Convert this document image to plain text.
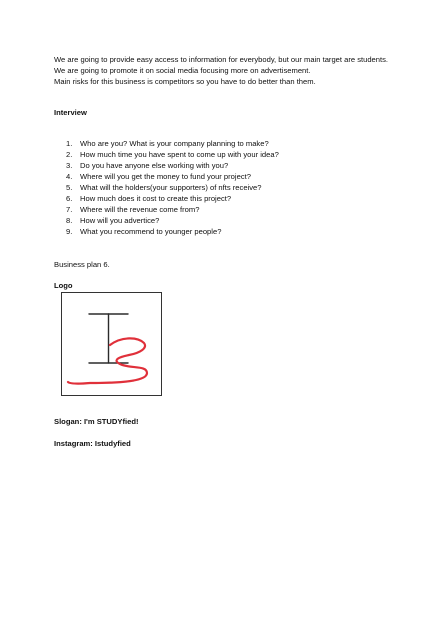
We are going to provide easy access to information for everybody, but our main target are students.

We are going to promote it on social media focusing more on advertisement.

Main risks for this business is competitors so you have to do better than them.

Interview
1. Who are you? What is your company planning to make?
2. How much time you have spent to come up with your idea?
3. Do you have anyone else working with you?
4. Where will you get the money to fund your project?
5. What will the holders(your supporters) of nfts receive?
6. How much does it cost to create this project?
7. Where will the revenue come from?
8. How will you advertice?
9. What you recommend to younger people?
Business plan 6.
Logo
Slogan: I'm STUDYfied!
Instagram: Istudyfied
